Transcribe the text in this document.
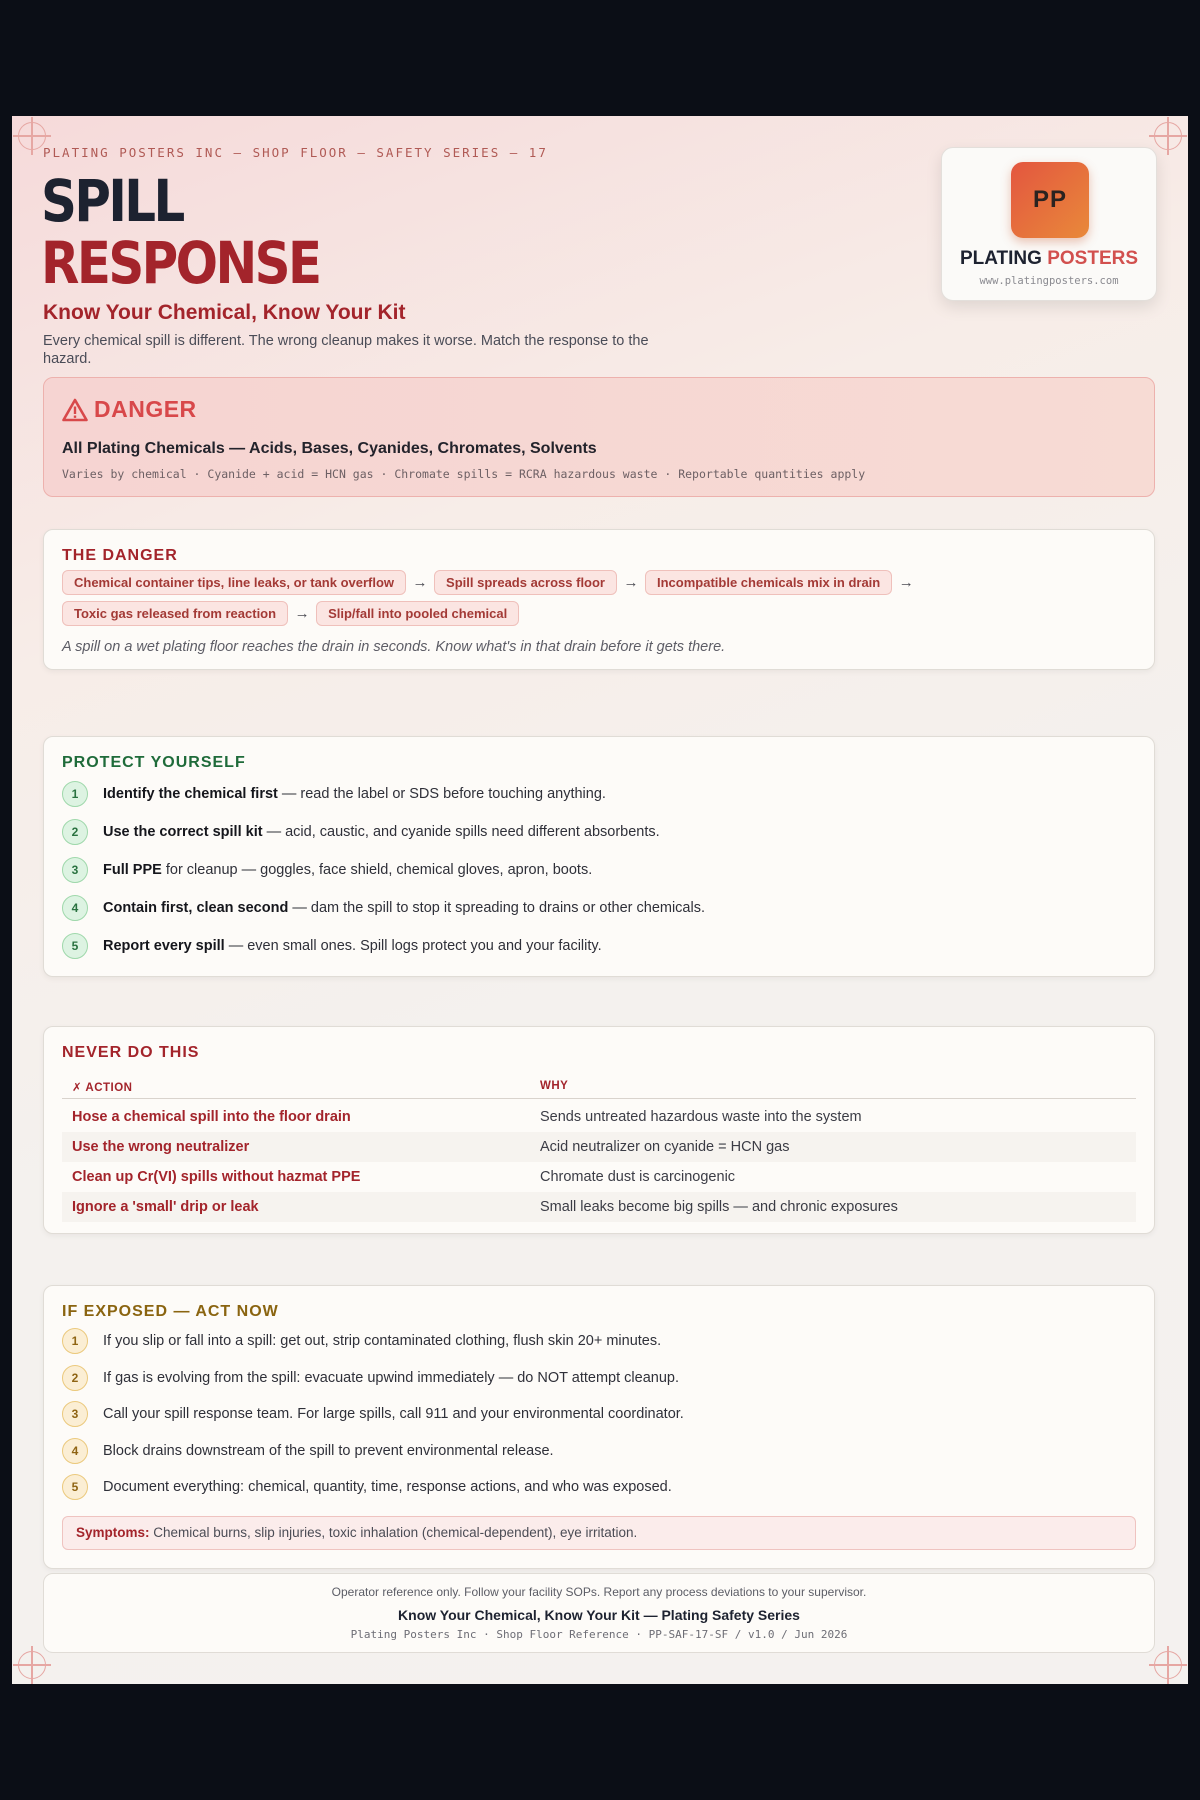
PLATING POSTERS INC — SHOP FLOOR — SAFETY SERIES — 17
SPILL
RESPONSE
Know Your Chemical, Know Your Kit
Every chemical spill is different. The wrong cleanup makes it worse. Match the response to the hazard.
PP
PLATING POSTERS
www.platingposters.com
DANGER
All Plating Chemicals — Acids, Bases, Cyanides, Chromates, Solvents
Varies by chemical · Cyanide + acid = HCN gas · Chromate spills = RCRA hazardous waste · Reportable quantities apply
THE DANGER
Chemical container tips, line leaks, or tank overflow	→	Spill spreads across floor	→	Incompatible chemicals mix in drain	→
Toxic gas released from reaction	→	Slip/fall into pooled chemical
A spill on a wet plating floor reaches the drain in seconds. Know what's in that drain before it gets there.
PROTECT YOURSELF
1	Identify the chemical first — read the label or SDS before touching anything.
2	Use the correct spill kit — acid, caustic, and cyanide spills need different absorbents.
3	Full PPE for cleanup — goggles, face shield, chemical gloves, apron, boots.
4	Contain first, clean second — dam the spill to stop it spreading to drains or other chemicals.
5	Report every spill — even small ones. Spill logs protect you and your facility.
NEVER DO THIS
✗ ACTION	WHY
Hose a chemical spill into the floor drain	Sends untreated hazardous waste into the system
Use the wrong neutralizer	Acid neutralizer on cyanide = HCN gas
Clean up Cr(VI) spills without hazmat PPE	Chromate dust is carcinogenic
Ignore a 'small' drip or leak	Small leaks become big spills — and chronic exposures
IF EXPOSED — ACT NOW
1	If you slip or fall into a spill: get out, strip contaminated clothing, flush skin 20+ minutes.
2	If gas is evolving from the spill: evacuate upwind immediately — do NOT attempt cleanup.
3	Call your spill response team. For large spills, call 911 and your environmental coordinator.
4	Block drains downstream of the spill to prevent environmental release.
5	Document everything: chemical, quantity, time, response actions, and who was exposed.
Symptoms: Chemical burns, slip injuries, toxic inhalation (chemical-dependent), eye irritation.
Operator reference only. Follow your facility SOPs. Report any process deviations to your supervisor.
Know Your Chemical, Know Your Kit — Plating Safety Series
Plating Posters Inc · Shop Floor Reference · PP-SAF-17-SF / v1.0 / Jun 2026
